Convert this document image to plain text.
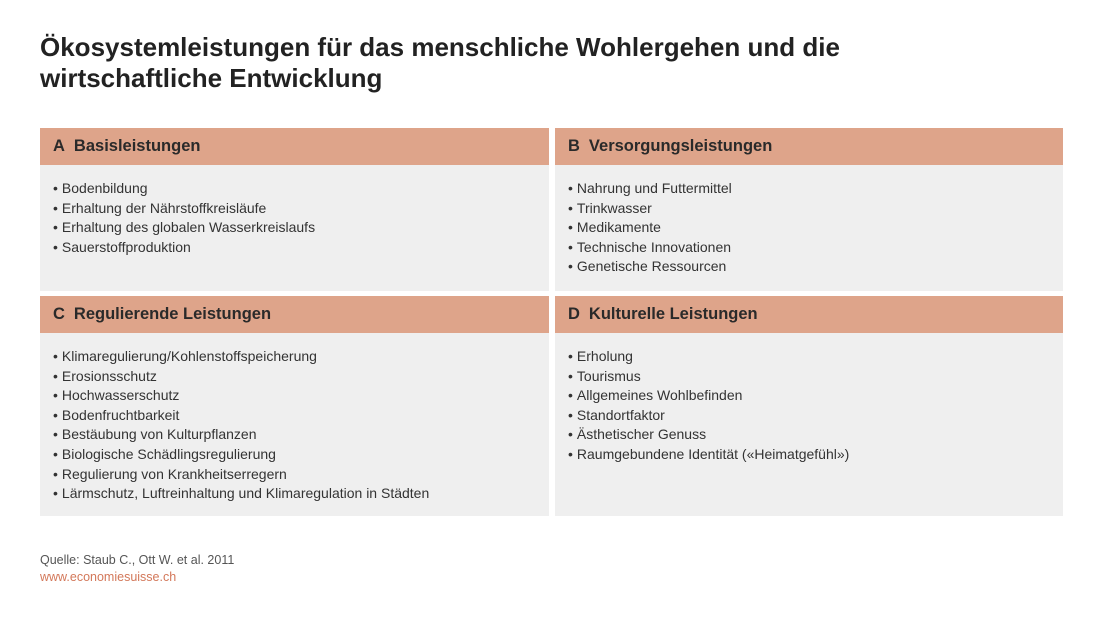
Ökosystemleistungen für das menschliche Wohlergehen und die
wirtschaftliche Entwicklung
A Basisleistungen
• Bodenbildung
• Erhaltung der Nährstoffkreisläufe
• Erhaltung des globalen Wasserkreislaufs
• Sauerstoffproduktion
B Versorgungsleistungen
• Nahrung und Futtermittel
• Trinkwasser
• Medikamente
• Technische Innovationen
• Genetische Ressourcen
C Regulierende Leistungen
• Klimaregulierung/Kohlenstoffspeicherung
• Erosionsschutz
• Hochwasserschutz
• Bodenfruchtbarkeit
• Bestäubung von Kulturpflanzen
• Biologische Schädlingsregulierung
• Regulierung von Krankheitserregern
• Lärmschutz, Luftreinhaltung und Klimaregulation in Städten
D Kulturelle Leistungen
• Erholung
• Tourismus
• Allgemeines Wohlbefinden
• Standortfaktor
• Ästhetischer Genuss
• Raumgebundene Identität («Heimatgefühl»)
Quelle: Staub C., Ott W. et al. 2011
www.economiesuisse.ch
